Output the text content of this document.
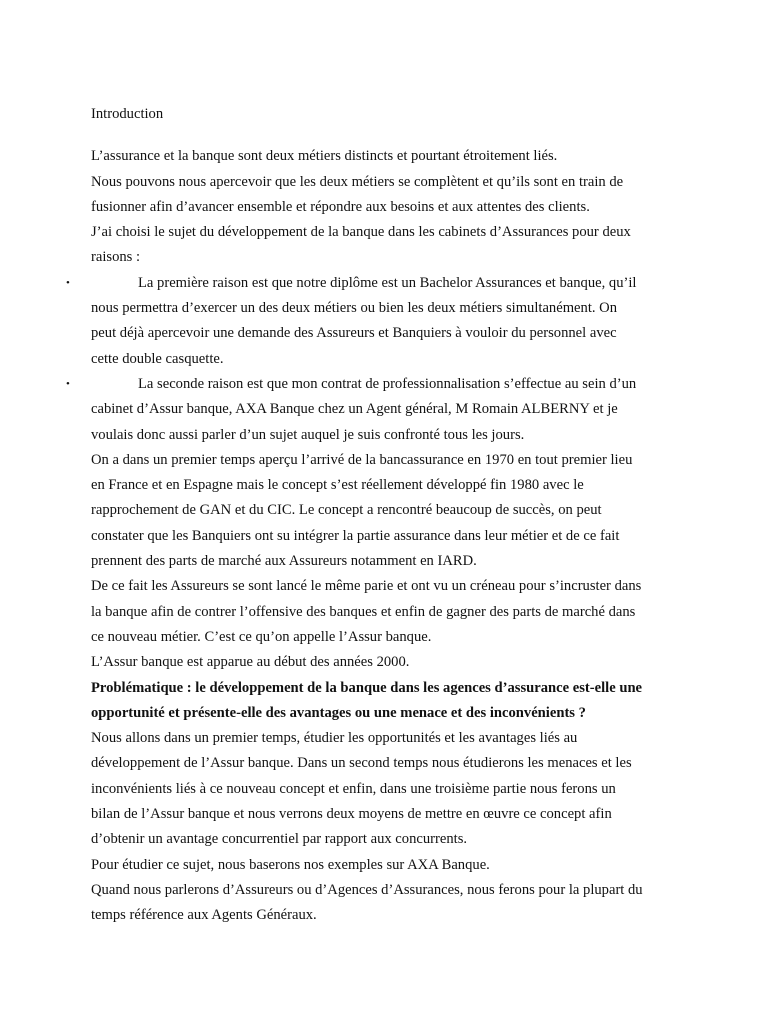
Introduction
L’assurance et la banque sont deux métiers distincts et pourtant étroitement liés.
Nous pouvons nous apercevoir que les deux métiers se complètent et qu’ils sont en train de
fusionner afin d’avancer ensemble et répondre aux besoins et aux attentes des clients.
J’ai choisi le sujet du développement de la banque dans les cabinets d’Assurances pour deux
raisons :
•	La première raison est que notre diplôme est un Bachelor Assurances et banque, qu’il
nous permettra d’exercer un des deux métiers ou bien les deux métiers simultanément. On
peut déjà apercevoir une demande des Assureurs et Banquiers à vouloir du personnel avec
cette double casquette.
•	La seconde raison est que mon contrat de professionnalisation s’effectue au sein d’un
cabinet d’Assur banque, AXA Banque chez un Agent général, M Romain ALBERNY et je
voulais donc aussi parler d’un sujet auquel je suis confronté tous les jours.
On a dans un premier temps aperçu l’arrivé de la bancassurance en 1970 en tout premier lieu
en France et en Espagne mais le concept s’est réellement développé fin 1980 avec le
rapprochement de GAN et du CIC. Le concept a rencontré beaucoup de succès, on peut
constater que les Banquiers ont su intégrer la partie assurance dans leur métier et de ce fait
prennent des parts de marché aux Assureurs notamment en IARD.
De ce fait les Assureurs se sont lancé le même parie et ont vu un créneau pour s’incruster dans
la banque afin de contrer l’offensive des banques et enfin de gagner des parts de marché dans
ce nouveau métier. C’est ce qu’on appelle l’Assur banque.
L’Assur banque est apparue au début des années 2000.
Problématique : le développement de la banque dans les agences d’assurance est-elle une
opportunité et présente-elle des avantages ou une menace et des inconvénients ?
Nous allons dans un premier temps, étudier les opportunités et les avantages liés au
développement de l’Assur banque. Dans un second temps nous étudierons les menaces et les
inconvénients liés à ce nouveau concept et enfin, dans une troisième partie nous ferons un
bilan de l’Assur banque et nous verrons deux moyens de mettre en œuvre ce concept afin
d’obtenir un avantage concurrentiel par rapport aux concurrents.
Pour étudier ce sujet, nous baserons nos exemples sur AXA Banque.
Quand nous parlerons d’Assureurs ou d’Agences d’Assurances, nous ferons pour la plupart du
temps référence aux Agents Généraux.
